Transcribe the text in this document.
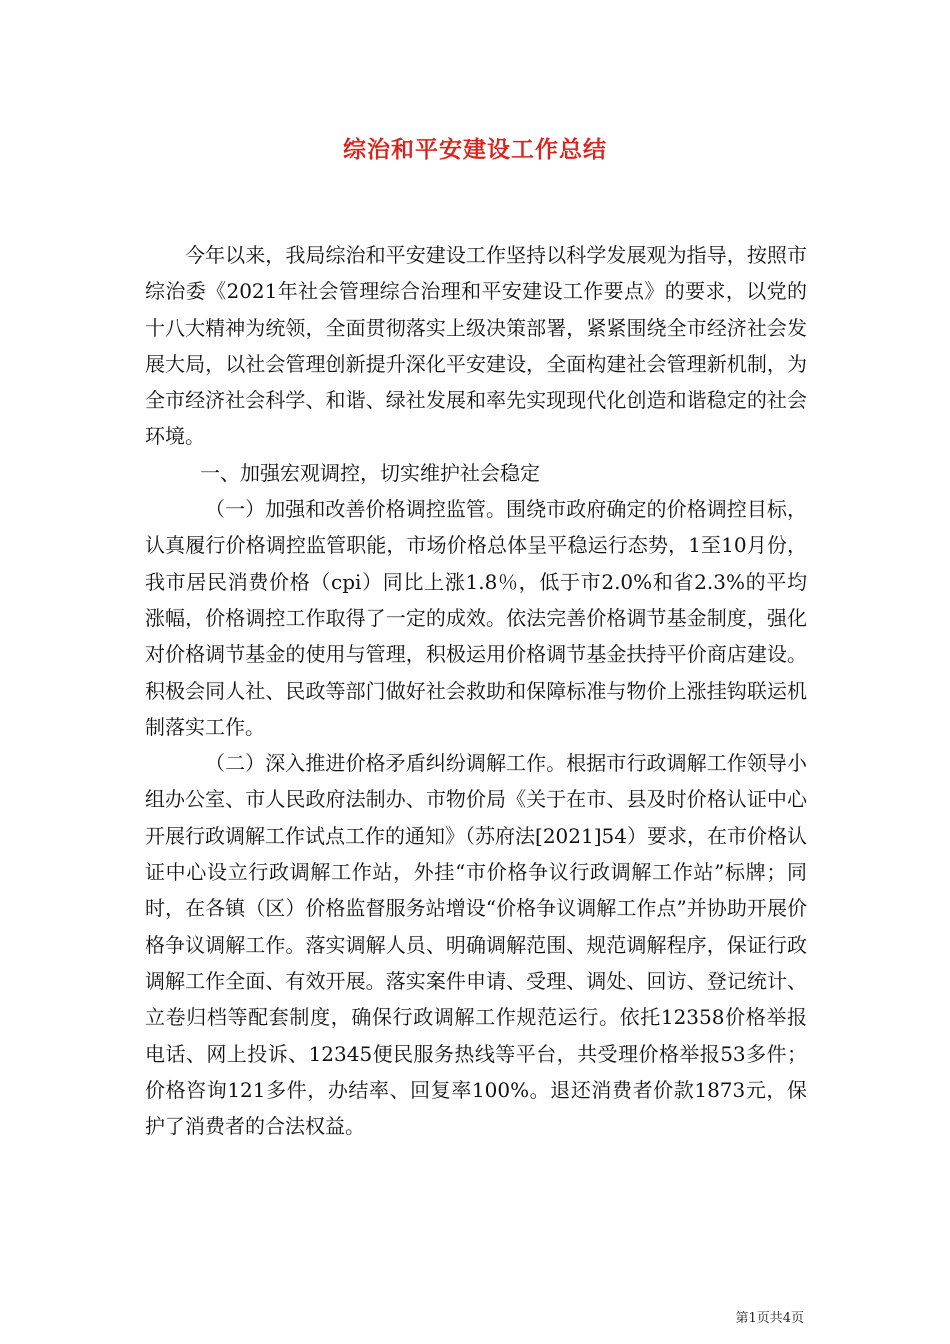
综治和平安建设工作总结

今年以来，我局综治和平安建设工作坚持以科学发展观为指导，按照市综治委《2021年社会管理综合治理和平安建设工作要点》的要求，以党的十八大精神为统领，全面贯彻落实上级决策部署，紧紧围绕全市经济社会发展大局，以社会管理创新提升深化平安建设，全面构建社会管理新机制，为全市经济社会科学、和谐、绿社发展和率先实现现代化创造和谐稳定的社会环境。

一、加强宏观调控，切实维护社会稳定

（一）加强和改善价格调控监管。围绕市政府确定的价格调控目标，认真履行价格调控监管职能，市场价格总体呈平稳运行态势，1至10月份，我市居民消费价格（cpi）同比上涨1.8％，低于市2.0%和省2.3%的平均涨幅，价格调控工作取得了一定的成效。依法完善价格调节基金制度，强化对价格调节基金的使用与管理，积极运用价格调节基金扶持平价商店建设。积极会同人社、民政等部门做好社会救助和保障标准与物价上涨挂钩联运机制落实工作。

（二）深入推进价格矛盾纠纷调解工作。根据市行政调解工作领导小组办公室、市人民政府法制办、市物价局《关于在市、县及时价格认证中心开展行政调解工作试点工作的通知》（苏府法[2021]54）要求，在市价格认证中心设立行政调解工作站，外挂“市价格争议行政调解工作站”标牌；同时，在各镇（区）价格监督服务站增设“价格争议调解工作点”并协助开展价格争议调解工作。落实调解人员、明确调解范围、规范调解程序，保证行政调解工作全面、有效开展。落实案件申请、受理、调处、回访、登记统计、立卷归档等配套制度，确保行政调解工作规范运行。依托12358价格举报电话、网上投诉、12345便民服务热线等平台，共受理价格举报53多件；价格咨询121多件，办结率、回复率100%。退还消费者价款1873元，保护了消费者的合法权益。

第1页共4页
